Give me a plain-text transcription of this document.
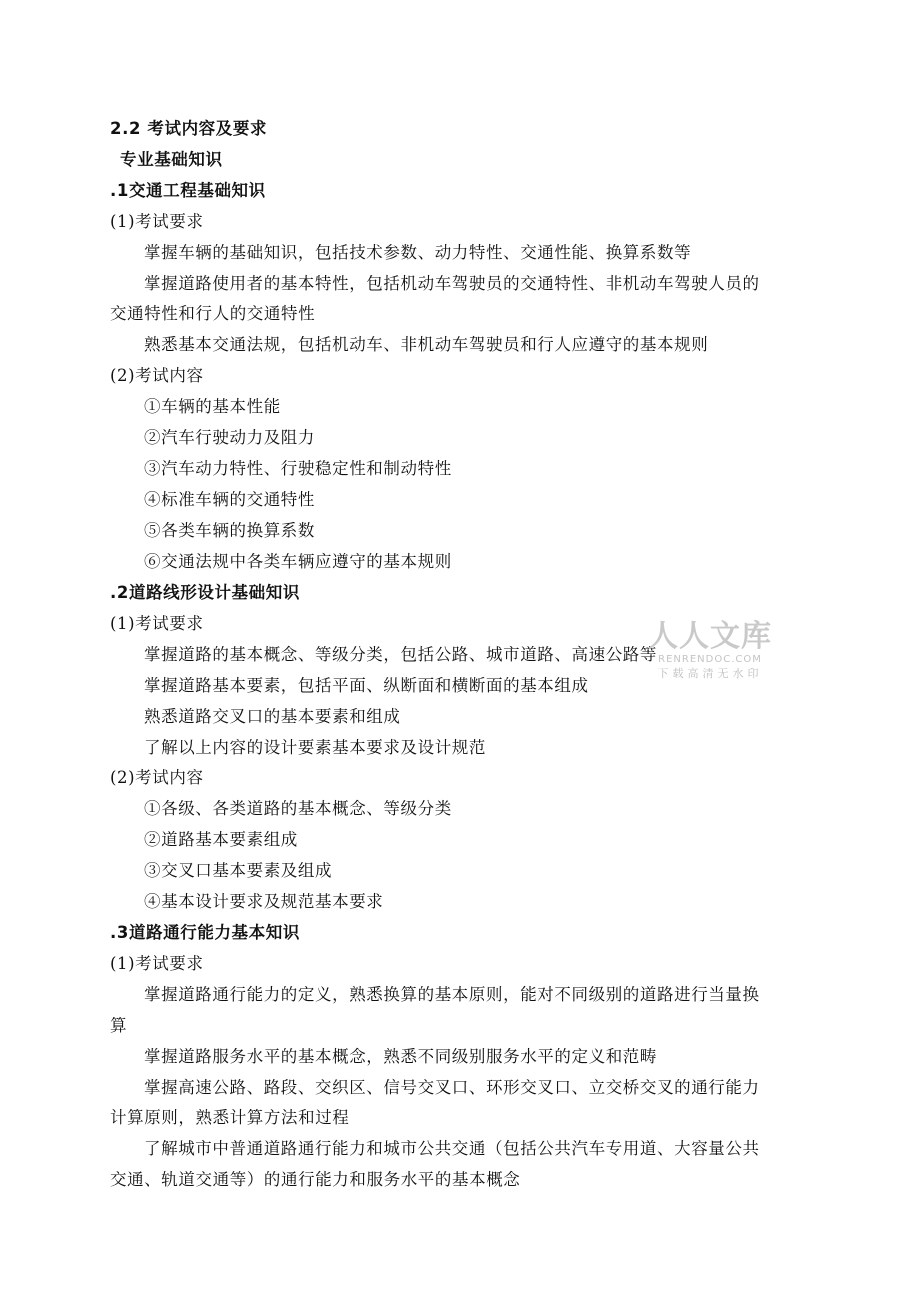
2.2 考试内容及要求
专业基础知识
.1交通工程基础知识
(1)考试要求
掌握车辆的基础知识，包括技术参数、动力特性、交通性能、换算系数等
掌握道路使用者的基本特性，包括机动车驾驶员的交通特性、非机动车驾驶人员的
交通特性和行人的交通特性
熟悉基本交通法规，包括机动车、非机动车驾驶员和行人应遵守的基本规则
(2)考试内容
①车辆的基本性能
②汽车行驶动力及阻力
③汽车动力特性、行驶稳定性和制动特性
④标准车辆的交通特性
⑤各类车辆的换算系数
⑥交通法规中各类车辆应遵守的基本规则
.2道路线形设计基础知识
(1)考试要求
掌握道路的基本概念、等级分类，包括公路、城市道路、高速公路等
掌握道路基本要素，包括平面、纵断面和横断面的基本组成
熟悉道路交叉口的基本要素和组成
了解以上内容的设计要素基本要求及设计规范
(2)考试内容
①各级、各类道路的基本概念、等级分类
②道路基本要素组成
③交叉口基本要素及组成
④基本设计要求及规范基本要求
.3道路通行能力基本知识
(1)考试要求
掌握道路通行能力的定义，熟悉换算的基本原则，能对不同级别的道路进行当量换
算
掌握道路服务水平的基本概念，熟悉不同级别服务水平的定义和范畴
掌握高速公路、路段、交织区、信号交叉口、环形交叉口、立交桥交叉的通行能力
计算原则，熟悉计算方法和过程
了解城市中普通道路通行能力和城市公共交通（包括公共汽车专用道、大容量公共
交通、轨道交通等）的通行能力和服务水平的基本概念
人人文库
RENRENDOC.COM
下载高清无水印
